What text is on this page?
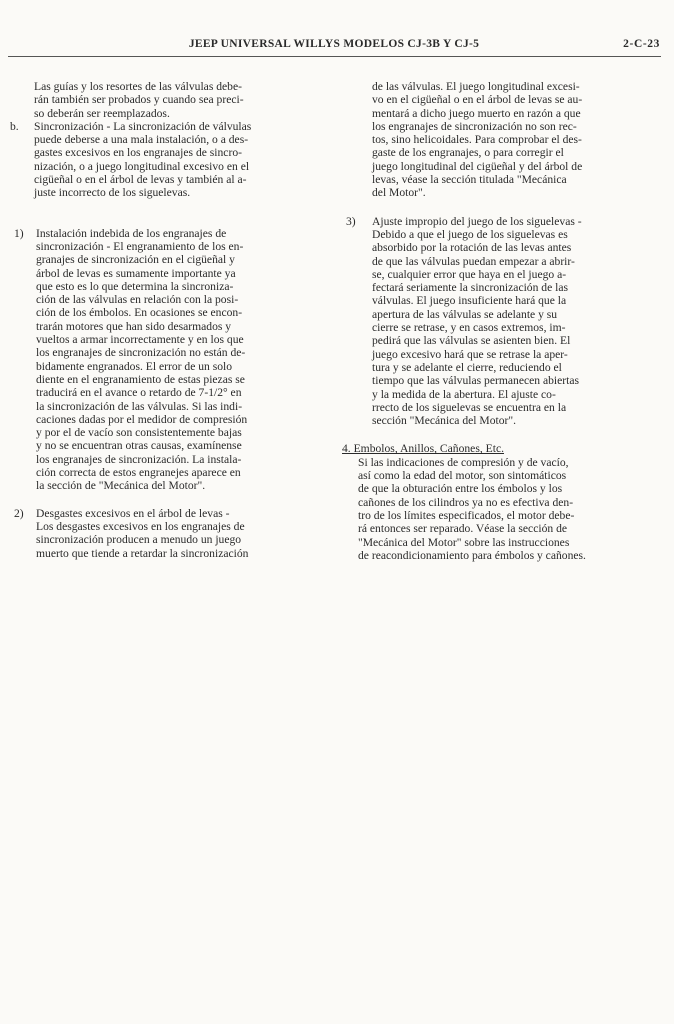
JEEP UNIVERSAL WILLYS MODELOS CJ-3B Y CJ-5	2-C-23
Las guías y los resortes de las válvulas debe-
rán también ser probados y cuando sea preci-
so deberán ser reemplazados.
b.	Sincronización - La sincronización de válvulas
puede deberse a una mala instalación, o a des-
gastes excesivos en los engranajes de sincro-
nización, o a juego longitudinal excesivo en el
cigüeñal o en el árbol de levas y también al a-
juste incorrecto de los siguelevas.
1)	Instalación indebida de los engranajes de
sincronización - El engranamiento de los en-
granajes de sincronización en el cigüeñal y
árbol de levas es sumamente importante ya
que esto es lo que determina la sincroniza-
ción de las válvulas en relación con la posi-
ción de los émbolos. En ocasiones se encon-
trarán motores que han sido desarmados y
vueltos a armar incorrectamente y en los que
los engranajes de sincronización no están de-
bidamente engranados. El error de un solo
diente en el engranamiento de estas piezas se
traducirá en el avance o retardo de 7-1/2° en
la sincronización de las válvulas. Si las indi-
caciones dadas por el medidor de compresión
y por el de vacío son consistentemente bajas
y no se encuentran otras causas, examínense
los engranajes de sincronización. La instala-
ción correcta de estos engranejes aparece en
la sección de "Mecánica del Motor".
2)	Desgastes excesivos en el árbol de levas -
Los desgastes excesivos en los engranajes de
sincronización producen a menudo un juego
muerto que tiende a retardar la sincronización
de las válvulas. El juego longitudinal excesi-
vo en el cigüeñal o en el árbol de levas se au-
mentará a dicho juego muerto en razón a que
los engranajes de sincronización no son rec-
tos, sino helicoidales. Para comprobar el des-
gaste de los engranajes, o para corregir el
juego longitudinal del cigüeñal y del árbol de
levas, véase la sección titulada "Mecánica
del Motor".
3)	Ajuste impropio del juego de los siguelevas -
Debido a que el juego de los siguelevas es
absorbido por la rotación de las levas antes
de que las válvulas puedan empezar a abrir-
se, cualquier error que haya en el juego a-
fectará seriamente la sincronización de las
válvulas. El juego insuficiente hará que la
apertura de las válvulas se adelante y su
cierre se retrase, y en casos extremos, im-
pedirá que las válvulas se asienten bien. El
juego excesivo hará que se retrase la aper-
tura y se adelante el cierre, reduciendo el
tiempo que las válvulas permanecen abiertas
y la medida de la abertura. El ajuste co-
rrecto de los siguelevas se encuentra en la
sección "Mecánica del Motor".
4. Embolos, Anillos, Cañones, Etc.
Si las indicaciones de compresión y de vacío,
así como la edad del motor, son sintomáticos
de que la obturación entre los émbolos y los
cañones de los cilindros ya no es efectiva den-
tro de los límites especificados, el motor debe-
rá entonces ser reparado. Véase la sección de
"Mecánica del Motor" sobre las instrucciones
de reacondicionamiento para émbolos y cañones.
